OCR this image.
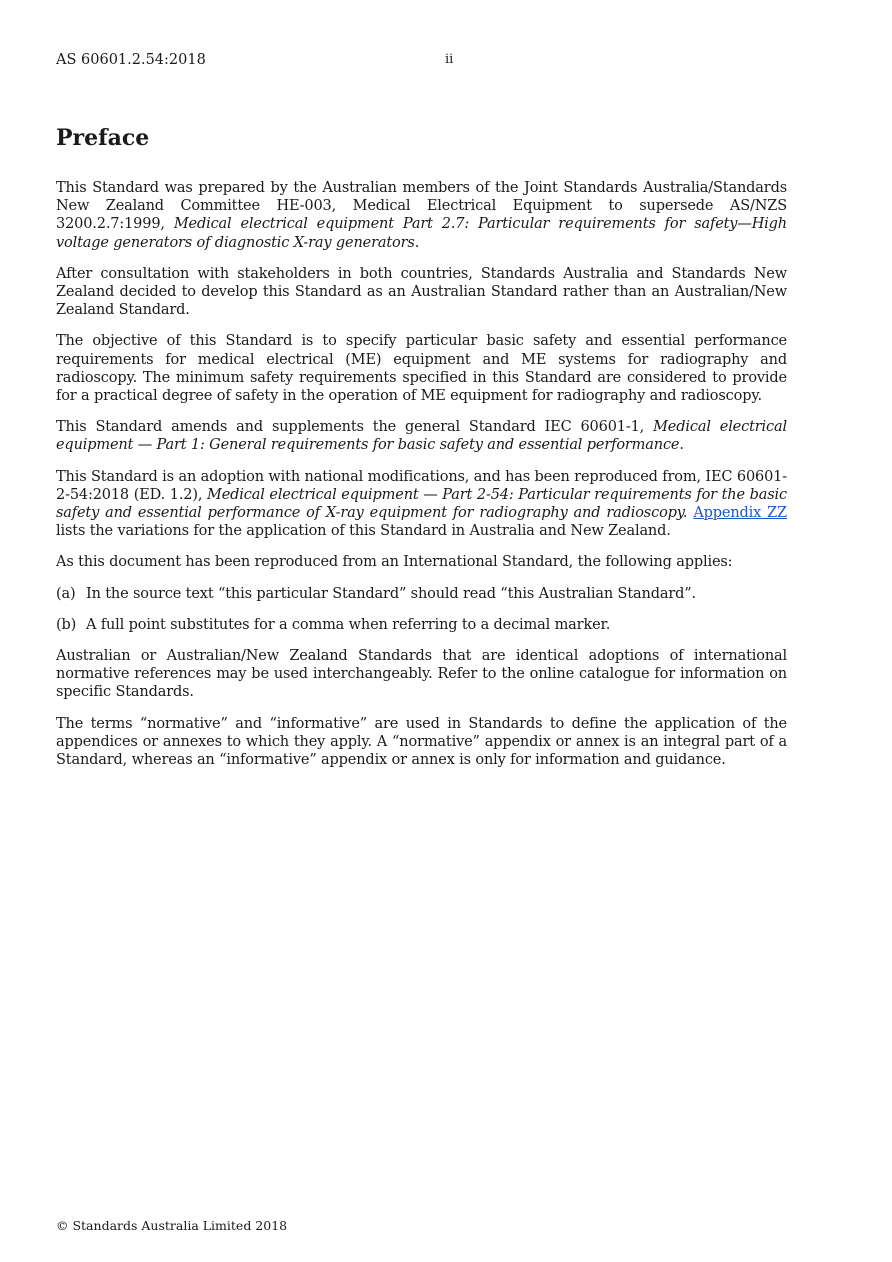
AS 60601.2.54:2018	ii
Preface

This Standard was prepared by the Australian members of the Joint Standards Australia/Standards New Zealand Committee HE-003, Medical Electrical Equipment to supersede AS/NZS 3200.2.7:1999, Medical electrical equipment Part 2.7: Particular requirements for safety—High voltage generators of diagnostic X-ray generators.

After consultation with stakeholders in both countries, Standards Australia and Standards New Zealand decided to develop this Standard as an Australian Standard rather than an Australian/New Zealand Standard.

The objective of this Standard is to specify particular basic safety and essential performance requirements for medical electrical (ME) equipment and ME systems for radiography and radioscopy. The minimum safety requirements specified in this Standard are considered to provide for a practical degree of safety in the operation of ME equipment for radiography and radioscopy.

This Standard amends and supplements the general Standard IEC 60601-1, Medical electrical equipment — Part 1: General requirements for basic safety and essential performance.

This Standard is an adoption with national modifications, and has been reproduced from, IEC 60601-2-54:2018 (ED. 1.2), Medical electrical equipment — Part 2-54: Particular requirements for the basic safety and essential performance of X-ray equipment for radiography and radioscopy. Appendix ZZ lists the variations for the application of this Standard in Australia and New Zealand.

As this document has been reproduced from an International Standard, the following applies:

(a) In the source text “this particular Standard” should read “this Australian Standard”.
(b) A full point substitutes for a comma when referring to a decimal marker.

Australian or Australian/New Zealand Standards that are identical adoptions of international normative references may be used interchangeably. Refer to the online catalogue for information on specific Standards.

The terms “normative” and “informative” are used in Standards to define the application of the appendices or annexes to which they apply. A “normative” appendix or annex is an integral part of a Standard, whereas an “informative” appendix or annex is only for information and guidance.

© Standards Australia Limited 2018
